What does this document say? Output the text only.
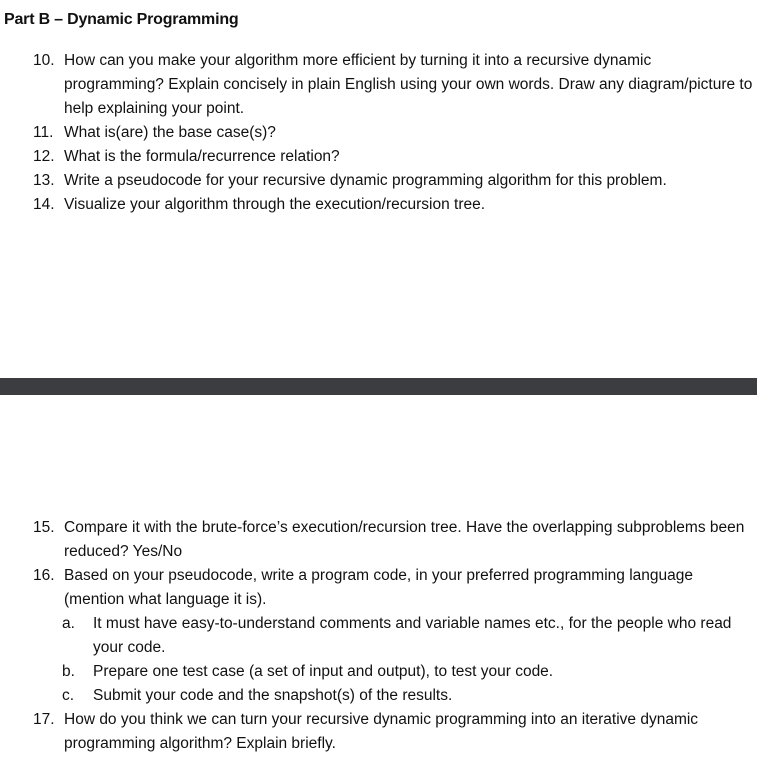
Part B – Dynamic Programming
10. How can you make your algorithm more efficient by turning it into a recursive dynamic programming? Explain concisely in plain English using your own words. Draw any diagram/picture to help explaining your point.
11. What is(are) the base case(s)?
12. What is the formula/recurrence relation?
13. Write a pseudocode for your recursive dynamic programming algorithm for this problem.
14. Visualize your algorithm through the execution/recursion tree.
15. Compare it with the brute-force’s execution/recursion tree. Have the overlapping subproblems been reduced? Yes/No
16. Based on your pseudocode, write a program code, in your preferred programming language (mention what language it is).
a. It must have easy-to-understand comments and variable names etc., for the people who read your code.
b. Prepare one test case (a set of input and output), to test your code.
c. Submit your code and the snapshot(s) of the results.
17. How do you think we can turn your recursive dynamic programming into an iterative dynamic programming algorithm? Explain briefly.
